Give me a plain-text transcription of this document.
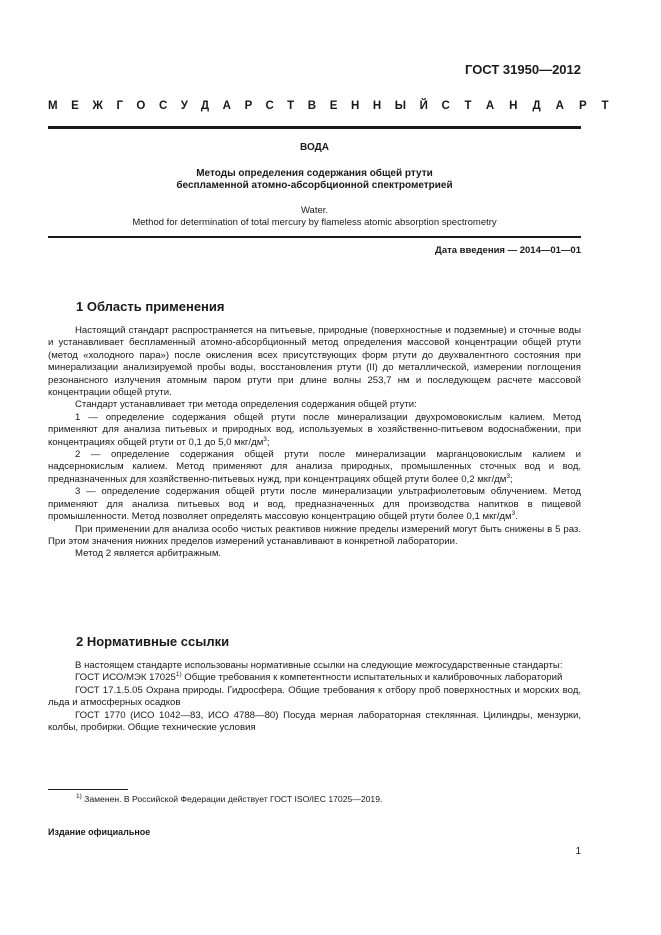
ГОСТ 31950—2012
МЕЖГОСУДАРСТВЕННЫЙ СТАНДАРТ
ВОДА
Методы определения содержания общей ртути
беспламенной атомно-абсорбционной спектрометрией
Water.
Method for determination of total mercury by flameless atomic absorption spectrometry
Дата введения — 2014—01—01
1 Область применения

Настоящий стандарт распространяется на питьевые, природные (поверхностные и подземные) и сточные воды и устанавливает беспламенный атомно-абсорбционный метод определения массовой концентрации общей ртути (метод «холодного пара») после окисления всех присутствующих форм ртути до двухвалентного состояния при минерализации анализируемой пробы воды, восстановления ртути (II) до металлической, измерении поглощения резонансного излучения атомным паром ртути при длине волны 253,7 нм и последующем расчете массовой концентрации общей ртути.

Стандарт устанавливает три метода определения содержания общей ртути:

1 — определение содержания общей ртути после минерализации двухромовокислым калием. Метод применяют для анализа питьевых и природных вод, используемых в хозяйственно-питьевом водоснабжении, при концентрациях общей ртути от 0,1 до 5,0 мкг/$дм^3$;

2 — определение содержания общей ртути после минерализации марганцовокислым калием и надсернокислым калием. Метод применяют для анализа природных, промышленных сточных вод и вод, предназначенных для хозяйственно-питьевых нужд, при концентрациях общей ртути более 0,2 мкг/$дм^3$;

3 — определение содержания общей ртути после минерализации ультрафиолетовым облучением. Метод применяют для анализа питьевых вод и вод, предназначенных для производства напитков в пищевой промышленности. Метод позволяет определять массовую концентрацию общей ртути более 0,1 мкг/$дм^3$.

При применении для анализа особо чистых реактивов нижние пределы измерений могут быть снижены в 5 раз. При этом значения нижних пределов измерений устанавливают в конкретной лаборатории.

Метод 2 является арбитражным.

2 Нормативные ссылки

В настоящем стандарте использованы нормативные ссылки на следующие межгосударственные стандарты:

ГОСТ ИСО/МЭК 17025$^{1)}$ Общие требования к компетентности испытательных и калибровочных лабораторий

ГОСТ 17.1.5.05 Охрана природы. Гидросфера. Общие требования к отбору проб поверхностных и морских вод, льда и атмосферных осадков

ГОСТ 1770 (ИСО 1042—83, ИСО 4788—80) Посуда мерная лабораторная стеклянная. Цилиндры, мензурки, колбы, пробирки. Общие технические условия

$^{1)}$ Заменен. В Российской Федерации действует ГОСТ ISO/IEC 17025—2019.
Издание официальное
1
